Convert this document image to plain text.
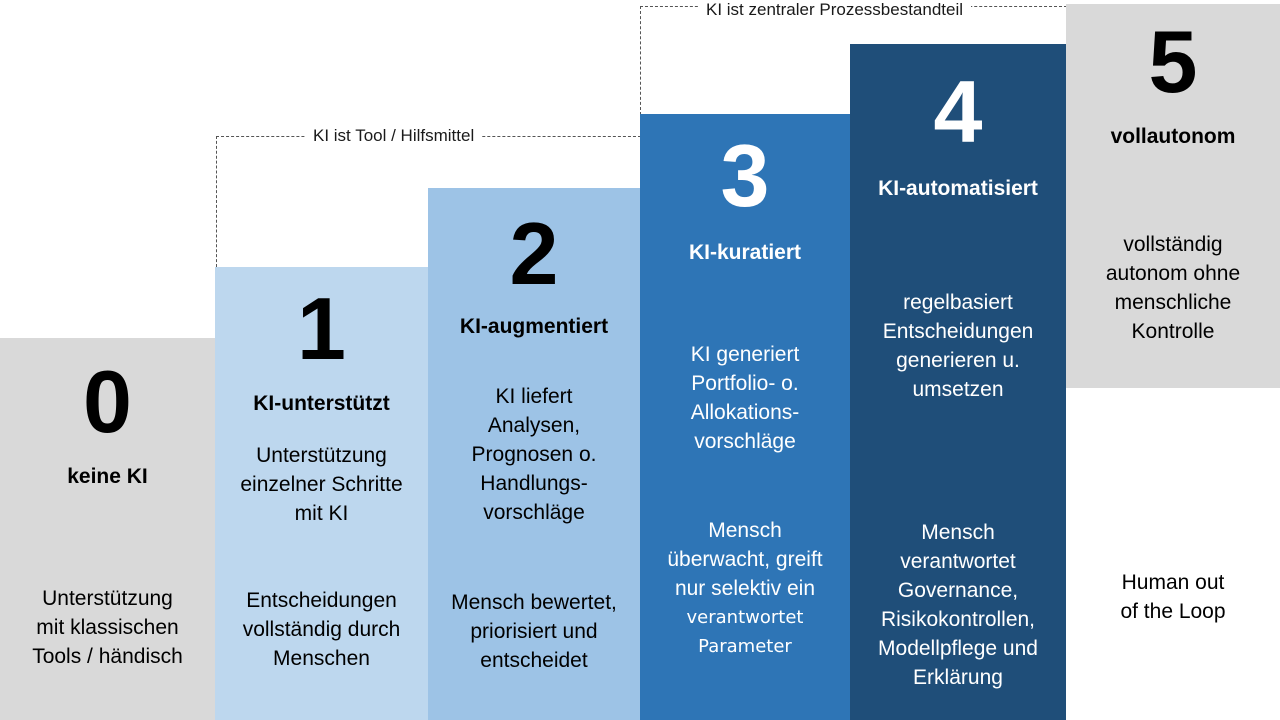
KI ist Tool / Hilfsmittel
KI ist zentraler Prozessbestandteil
0
keine KI
Unterstützung
mit klassischen
Tools / händisch
1
KI-unterstützt
Unterstützung
einzelner Schritte
mit KI
Entscheidungen
vollständig durch
Menschen
2
KI-augmentiert
KI liefert
Analysen,
Prognosen o.
Handlungs-
vorschläge
Mensch bewertet,
priorisiert und
entscheidet
3
KI-kuratiert
KI generiert
Portfolio- o.
Allokations-
vorschläge
Mensch
überwacht, greift
nur selektiv ein
verantwortet
Parameter
4
KI-automatisiert
regelbasiert
Entscheidungen
generieren u.
umsetzen
Mensch
verantwortet
Governance,
Risikokontrollen,
Modellpflege und
Erklärung
5
vollautonom
vollständig
autonom ohne
menschliche
Kontrolle
Human out
of the Loop
